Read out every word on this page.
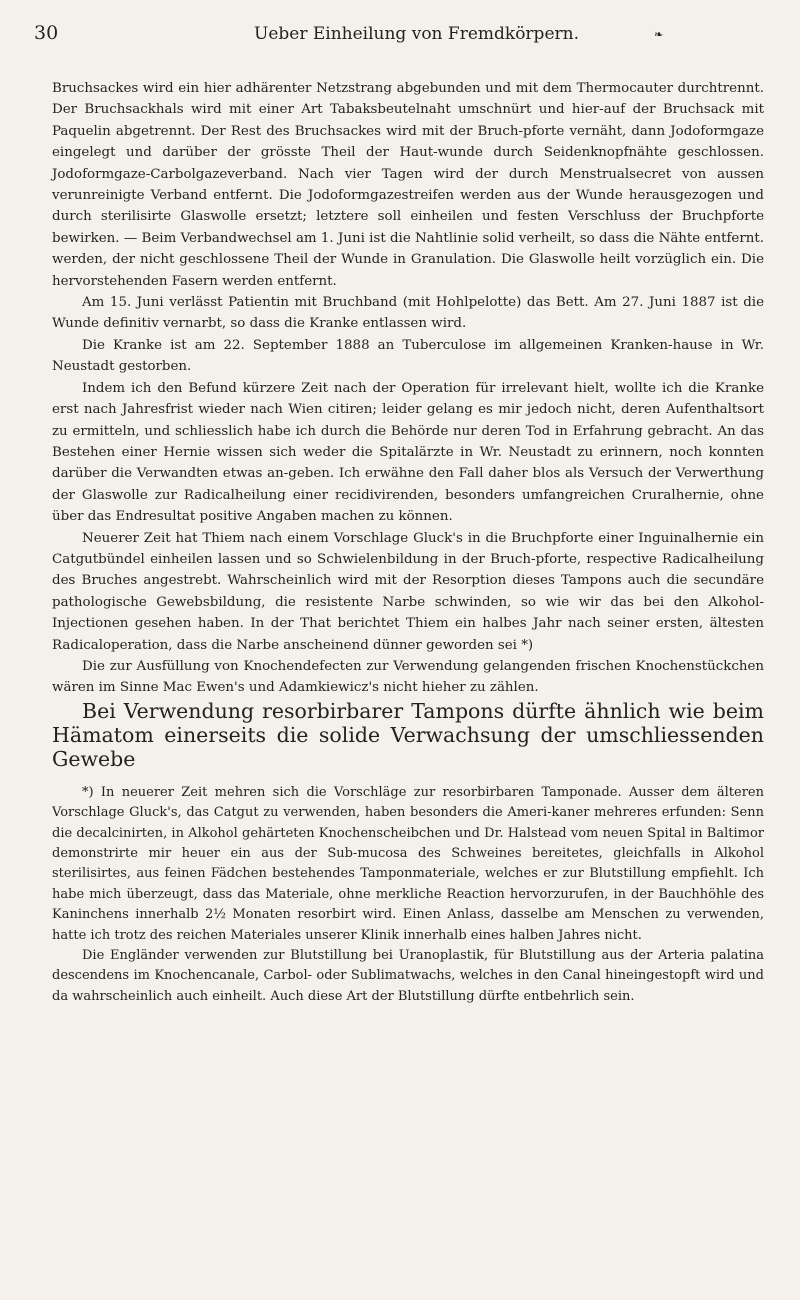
30	Ueber Einheilung von Fremdkörpern.	❧

Bruchsackes wird ein hier adhärenter Netzstrang abgebunden und mit dem Thermocauter durchtrennt. Der Bruchsackhals wird mit einer Art Tabaksbeutelnaht umschnürt und hier-auf der Bruchsack mit Paquelin abgetrennt. Der Rest des Bruchsackes wird mit der Bruch-pforte vernäht, dann Jodoformgaze eingelegt und darüber der grösste Theil der Haut-wunde durch Seidenknopfnähte geschlossen. Jodoformgaze-Carbolgazeverband. Nach vier Tagen wird der durch Menstrualsecret von aussen verunreinigte Verband entfernt. Die Jodoformgazestreifen werden aus der Wunde herausgezogen und durch sterilisirte Glaswolle ersetzt; letztere soll einheilen und festen Verschluss der Bruchpforte bewirken. — Beim Verbandwechsel am 1. Juni ist die Nahtlinie solid verheilt, so dass die Nähte entfernt. werden, der nicht geschlossene Theil der Wunde in Granulation. Die Glaswolle heilt vorzüglich ein. Die hervorstehenden Fasern werden entfernt.

Am 15. Juni verlässt Patientin mit Bruchband (mit Hohlpelotte) das Bett. Am 27. Juni 1887 ist die Wunde definitiv vernarbt, so dass die Kranke entlassen wird.

Die Kranke ist am 22. September 1888 an Tuberculose im allgemeinen Kranken-hause in Wr. Neustadt gestorben.

Indem ich den Befund kürzere Zeit nach der Operation für irrelevant hielt, wollte ich die Kranke erst nach Jahresfrist wieder nach Wien citiren; leider gelang es mir jedoch nicht, deren Aufenthaltsort zu ermitteln, und schliesslich habe ich durch die Behörde nur deren Tod in Erfahrung gebracht. An das Bestehen einer Hernie wissen sich weder die Spitalärzte in Wr. Neustadt zu erinnern, noch konnten darüber die Verwandten etwas an-geben. Ich erwähne den Fall daher blos als Versuch der Verwerthung der Glaswolle zur Radicalheilung einer recidivirenden, besonders umfangreichen Cruralhernie, ohne über das Endresultat positive Angaben machen zu können.

Neuerer Zeit hat Thiem nach einem Vorschlage Gluck's in die Bruchpforte einer Inguinalhernie ein Catgutbündel einheilen lassen und so Schwielenbildung in der Bruch-pforte, respective Radicalheilung des Bruches angestrebt. Wahrscheinlich wird mit der Resorption dieses Tampons auch die secundäre pathologische Gewebsbildung, die resistente Narbe schwinden, so wie wir das bei den Alkohol-Injectionen gesehen haben. In der That berichtet Thiem ein halbes Jahr nach seiner ersten, ältesten Radicaloperation, dass die Narbe anscheinend dünner geworden sei *)

Die zur Ausfüllung von Knochendefecten zur Verwendung gelangenden frischen Knochenstückchen wären im Sinne Mac Ewen's und Adamkiewicz's nicht hieher zu zählen.

Bei Verwendung resorbirbarer Tampons dürfte ähnlich wie beim Hämatom einerseits die solide Verwachsung der umschliessenden Gewebe

*) In neuerer Zeit mehren sich die Vorschläge zur resorbirbaren Tamponade. Ausser dem älteren Vorschlage Gluck's, das Catgut zu verwenden, haben besonders die Ameri-kaner mehreres erfunden: Senn die decalcinirten, in Alkohol gehärteten Knochenscheibchen und Dr. Halstead vom neuen Spital in Baltimor demonstrirte mir heuer ein aus der Sub-mucosa des Schweines bereitetes, gleichfalls in Alkohol sterilisirtes, aus feinen Fädchen bestehendes Tamponmateriale, welches er zur Blutstillung empfiehlt. Ich habe mich überzeugt, dass das Materiale, ohne merkliche Reaction hervorzurufen, in der Bauchhöhle des Kaninchens innerhalb 2½ Monaten resorbirt wird. Einen Anlass, dasselbe am Menschen zu verwenden, hatte ich trotz des reichen Materiales unserer Klinik innerhalb eines halben Jahres nicht.

Die Engländer verwenden zur Blutstillung bei Uranoplastik, für Blutstillung aus der Arteria palatina descendens im Knochencanale, Carbol- oder Sublimatwachs, welches in den Canal hineingestopft wird und da wahrscheinlich auch einheilt. Auch diese Art der Blutstillung dürfte entbehrlich sein.
